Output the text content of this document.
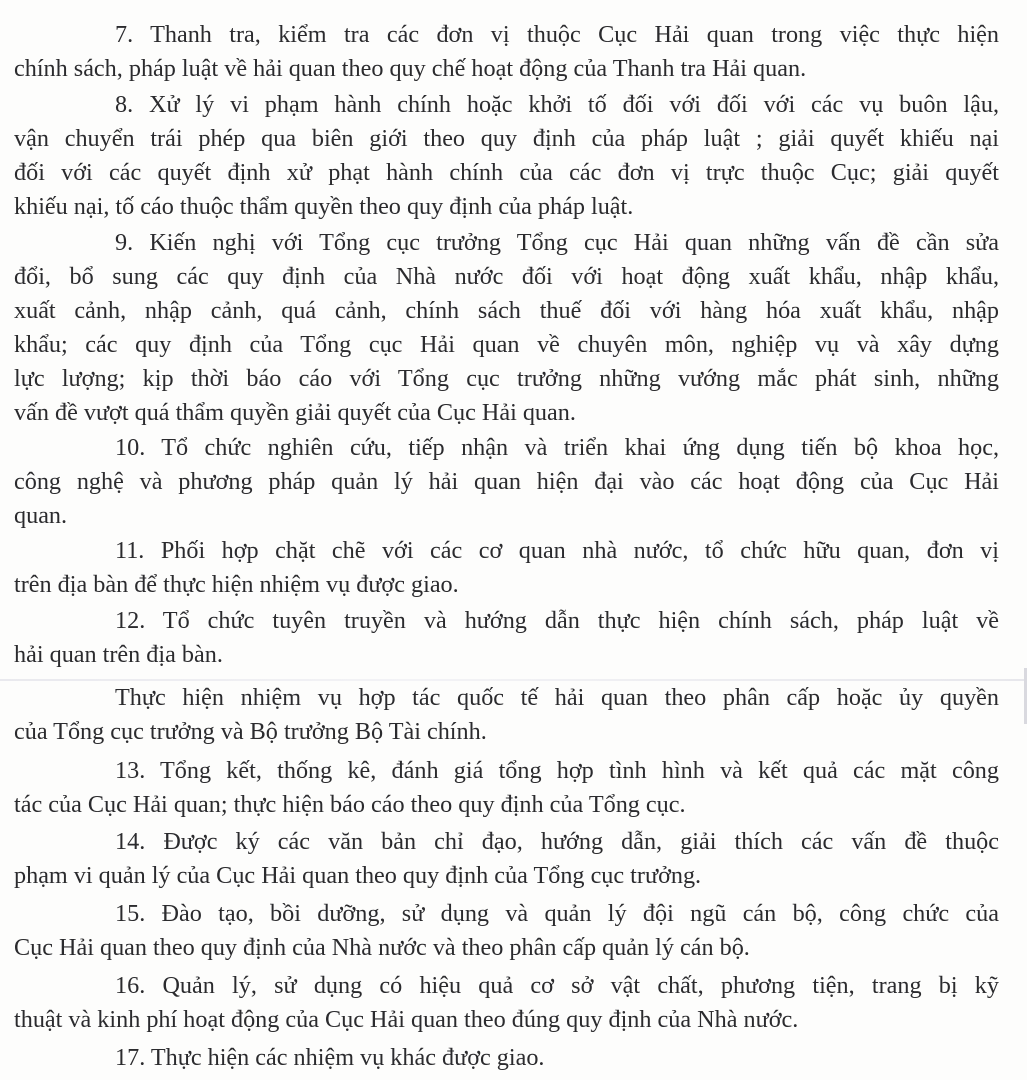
7. Thanh tra, kiểm tra các đơn vị thuộc Cục Hải quan trong việc thực hiện
chính sách, pháp luật về hải quan theo quy chế hoạt động của Thanh tra Hải quan.
8. Xử lý vi phạm hành chính hoặc khởi tố đối với đối với các vụ buôn lậu,
vận chuyển trái phép qua biên giới theo quy định của pháp luật ; giải quyết khiếu nại
đối với các quyết định xử phạt hành chính của các đơn vị trực thuộc Cục; giải quyết
khiếu nại, tố cáo thuộc thẩm quyền theo quy định của pháp luật.
9. Kiến nghị với Tổng cục trưởng Tổng cục Hải quan những vấn đề cần sửa
đổi, bổ sung các quy định của Nhà nước đối với hoạt động xuất khẩu, nhập khẩu,
xuất cảnh, nhập cảnh, quá cảnh, chính sách thuế đối với hàng hóa xuất khẩu, nhập
khẩu; các quy định của Tổng cục Hải quan về chuyên môn, nghiệp vụ và xây dựng
lực lượng; kịp thời báo cáo với Tổng cục trưởng những vướng mắc phát sinh, những
vấn đề vượt quá thẩm quyền giải quyết của Cục Hải quan.
10. Tổ chức nghiên cứu, tiếp nhận và triển khai ứng dụng tiến bộ khoa học,
công nghệ và phương pháp quản lý hải quan hiện đại vào các hoạt động của Cục Hải
quan.
11. Phối hợp chặt chẽ với các cơ quan nhà nước, tổ chức hữu quan, đơn vị
trên địa bàn để thực hiện nhiệm vụ được giao.
12. Tổ chức tuyên truyền và hướng dẫn thực hiện chính sách, pháp luật về
hải quan trên địa bàn.
Thực hiện nhiệm vụ hợp tác quốc tế hải quan theo phân cấp hoặc ủy quyền
của Tổng cục trưởng và Bộ trưởng Bộ Tài chính.
13. Tổng kết, thống kê, đánh giá tổng hợp tình hình và kết quả các mặt công
tác của Cục Hải quan; thực hiện báo cáo theo quy định của Tổng cục.
14. Được ký các văn bản chỉ đạo, hướng dẫn, giải thích các vấn đề thuộc
phạm vi quản lý của Cục Hải quan theo quy định của Tổng cục trưởng.
15. Đào tạo, bồi dưỡng, sử dụng và quản lý đội ngũ cán bộ, công chức của
Cục Hải quan theo quy định của Nhà nước và theo phân cấp quản lý cán bộ.
16. Quản lý, sử dụng có hiệu quả cơ sở vật chất, phương tiện, trang bị kỹ
thuật và kinh phí hoạt động của Cục Hải quan theo đúng quy định của Nhà nước.
17. Thực hiện các nhiệm vụ khác được giao.
